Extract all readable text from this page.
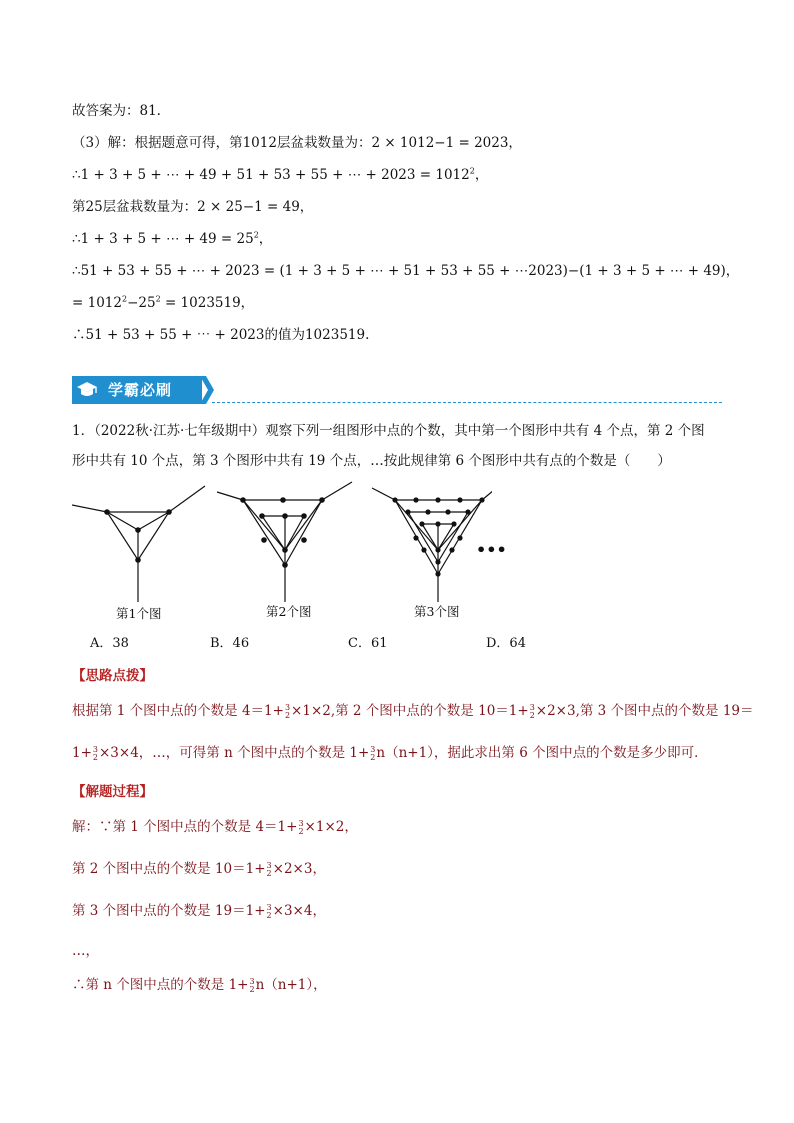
故答案为：81.
（3）解：根据题意可得，第1012层盆栽数量为：2 × 1012−1 = 2023，
∴1 + 3 + 5 + ⋯ + 49 + 51 + 53 + 55 + ⋯ + $2023 = 1012^2$，
第25层盆栽数量为：2 × 25−1 = 49，
∴1 + 3 + 5 + ⋯ + $49 = 25^2$，
∴51 + 53 + 55 + ⋯ + 2023 = (1 + 3 + 5 + ⋯ + 51 + 53 + 55 + ⋯2023)−(1 + 3 + 5 + ⋯ + 49)，
= $1012^2-25^2 = 1023519$，
∴51 + 53 + 55 + ⋯ + 2023的值为1023519.
学霸必刷
1．（2022秋·江苏·七年级期中）观察下列一组图形中点的个数，其中第一个图形中共有 4 个点，第 2 个图
形中共有 10 个点，第 3 个图形中共有 19 个点，…按此规律第 6 个图形中共有点的个数是（　　）
•••
第1个图	第2个图	第3个图
A．38	B．46	C．61	D．64
【思路点拨】
根据第 1 个图中点的个数是 4＝1+ 3
2 ×1×2,第 2 个图中点的个数是 10＝1+ 3
2 ×2×3,第 3 个图中点的个数是 19＝
1+ 3
2 ×3×4，…，可得第 n 个图中点的个数是 1+ 3
2 n（n+1），据此求出第 6 个图中点的个数是多少即可．
【解题过程】
解：∵第 1 个图中点的个数是 4＝1+ 3
2 ×1×2，
第 2 个图中点的个数是 10＝1+ 3
2 ×2×3，
第 3 个图中点的个数是 19＝1+ 3
2 ×3×4，
…，
∴第 n 个图中点的个数是 1+ 3
2 n（n+1），
